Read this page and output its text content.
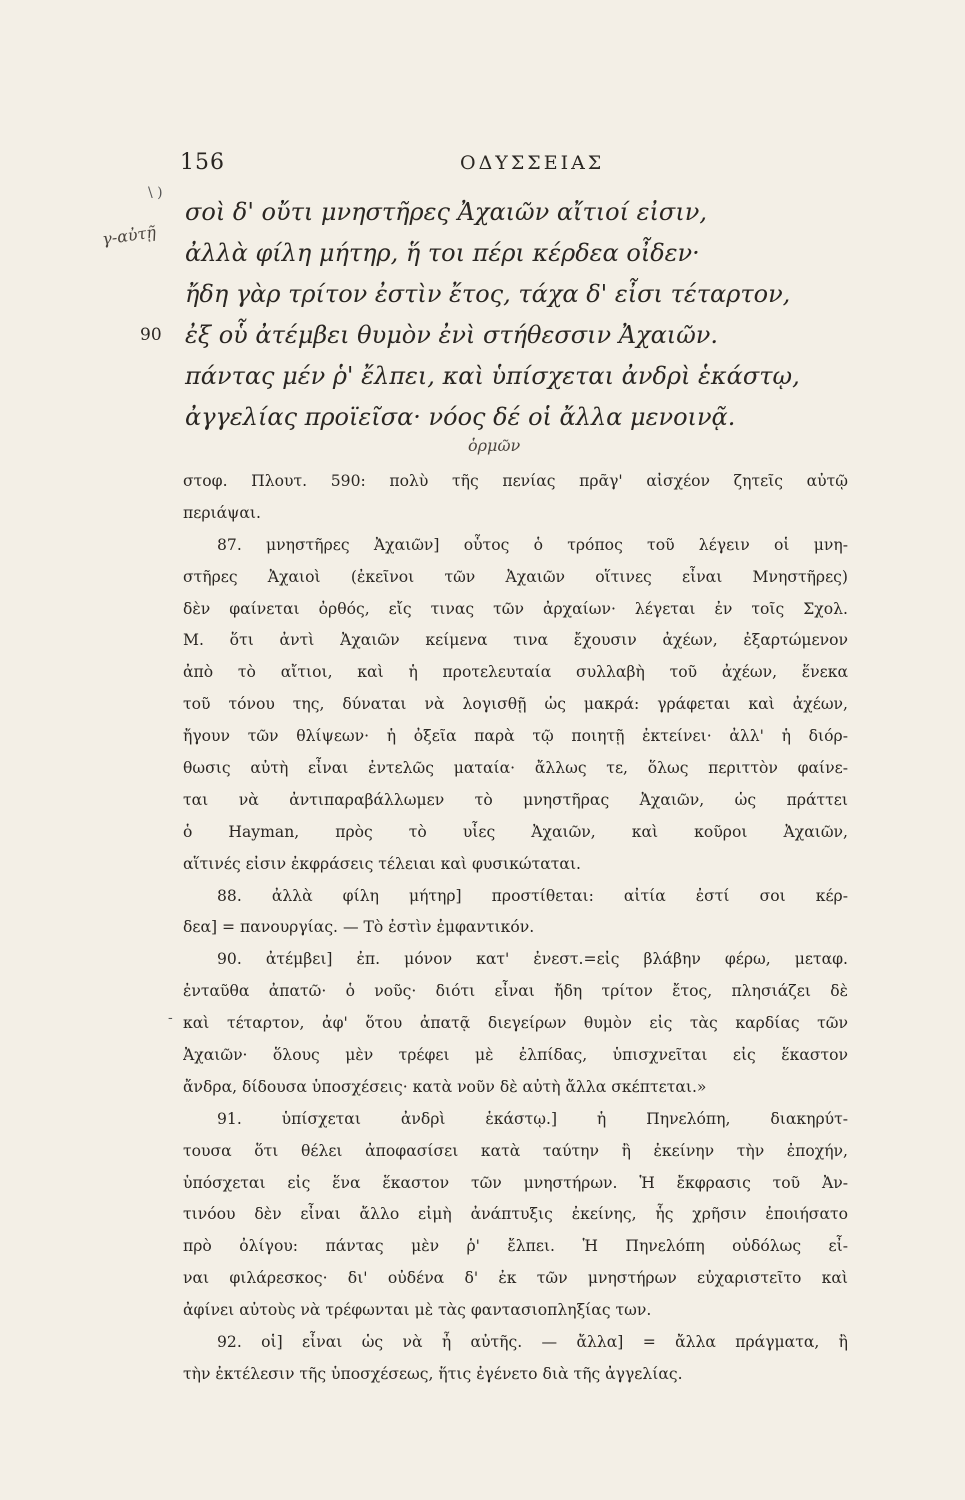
156	ΟΔΥΣΣΕΙΑΣ
γ-αὐτῇ
\ )
σοὶ δ' οὔτι μνηστῆρες Ἀχαιῶν αἴτιοί εἰσιν,
ἀλλὰ φίλη μήτηρ, ἥ τοι πέρι κέρδεα οἶδεν·
ἤδη γὰρ τρίτον ἐστὶν ἔτος, τάχα δ' εἶσι τέταρτον,
90 ἐξ οὗ ἀτέμβει θυμὸν ἐνὶ στήθεσσιν Ἀχαιῶν.
πάντας μέν ῥ' ἔλπει, καὶ ὑπίσχεται ἀνδρὶ ἑκάστῳ,
ἀγγελίας προϊεῖσα· νόος δέ οἱ ἄλλα μενοινᾷ.
ὁρμῶν
στοφ. Πλουτ. 590: πολὺ τῆς πενίας πρᾶγ' αἰσχέον ζητεῖς αὐτῷ
περιάψαι.
87. μνηστῆρες Ἀχαιῶν] οὗτος ὁ τρόπος τοῦ λέγειν οἱ μνη-
στῆρες Ἀχαιοὶ (ἐκεῖνοι τῶν Ἀχαιῶν οἵτινες εἶναι Μνηστῆρες)
δὲν φαίνεται ὀρθός, εἴς τινας τῶν ἀρχαίων· λέγεται ἐν τοῖς Σχολ.
Μ. ὅτι ἀντὶ Ἀχαιῶν κείμενα τινα ἔχουσιν ἀχέων, ἐξαρτώμενον
ἀπὸ τὸ αἴτιοι, καὶ ἡ προτελευταία συλλαβὴ τοῦ ἀχέων, ἕνεκα
τοῦ τόνου της, δύναται νὰ λογισθῇ ὡς μακρά: γράφεται καὶ ἀχέων,
ἤγουν τῶν θλίψεων· ἡ ὀξεῖα παρὰ τῷ ποιητῇ ἐκτείνει· ἀλλ' ἡ διόρ-
θωσις αὐτὴ εἶναι ἐντελῶς ματαία· ἄλλως τε, ὅλως περιττὸν φαίνε-
ται νὰ ἀντιπαραβάλλωμεν τὸ μνηστῆρας Ἀχαιῶν, ὡς πράττει
ὁ Hayman, πρὸς τὸ υἷες Ἀχαιῶν, καὶ κοῦροι Ἀχαιῶν,
αἵτινές εἰσιν ἐκφράσεις τέλειαι καὶ φυσικώταται.
88. ἀλλὰ φίλη μήτηρ] προστίθεται: αἰτία ἐστί σοι κέρ-
δεα] = πανουργίας. — Τὸ ἐστὶν ἐμφαντικόν.
90. ἀτέμβει] ἐπ. μόνον κατ' ἐνεστ.=εἰς βλάβην φέρω, μεταφ.
ἐνταῦθα ἀπατῶ· ὁ νοῦς· διότι εἶναι ἤδη τρίτον ἔτος, πλησιάζει δὲ
καὶ τέταρτον, ἀφ' ὅτου ἀπατᾷ διεγείρων θυμὸν εἰς τὰς καρδίας τῶν
Ἀχαιῶν· ὅλους μὲν τρέφει μὲ ἐλπίδας, ὑπισχνεῖται εἰς ἕκαστον
ἄνδρα, δίδουσα ὑποσχέσεις· κατὰ νοῦν δὲ αὐτὴ ἄλλα σκέπτεται.»
91. ὑπίσχεται ἀνδρὶ ἑκάστῳ.] ἡ Πηνελόπη, διακηρύτ-
τουσα ὅτι θέλει ἀποφασίσει κατὰ ταύτην ἢ ἐκείνην τὴν ἐποχήν,
ὑπόσχεται εἰς ἕνα ἕκαστον τῶν μνηστήρων. Ἡ ἔκφρασις τοῦ Ἀν-
τινόου δὲν εἶναι ἄλλο εἰμὴ ἀνάπτυξις ἐκείνης, ἧς χρῆσιν ἐποιήσατο
πρὸ ὀλίγου: πάντας μὲν ῥ' ἔλπει. Ἡ Πηνελόπη οὐδόλως εἶ-
ναι φιλάρεσκος· δι' οὐδένα δ' ἐκ τῶν μνηστήρων εὐχαριστεῖτο καὶ
ἀφίνει αὐτοὺς νὰ τρέφωνται μὲ τὰς φαντασιοπληξίας των.
92. οἱ] εἶναι ὡς νὰ ἦ αὐτῆς. — ἄλλα] = ἄλλα πράγματα, ἢ
τὴν ἐκτέλεσιν τῆς ὑποσχέσεως, ἥτις ἐγένετο διὰ τῆς ἀγγελίας.
-
